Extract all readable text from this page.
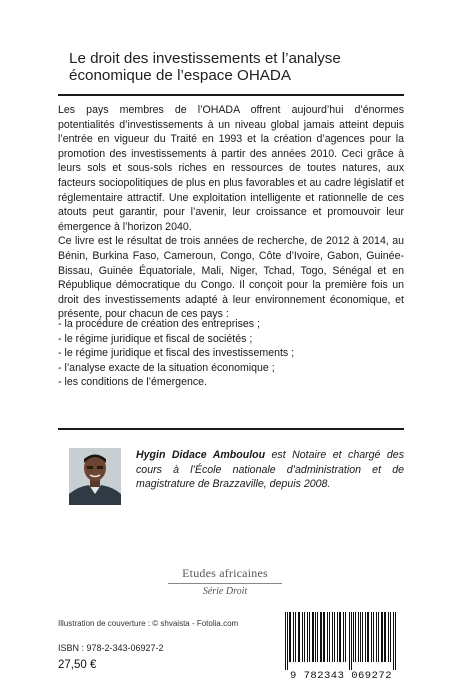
Le droit des investissements et l’analyse
économique de l’espace OHADA

Les pays membres de l’OHADA offrent aujourd’hui d’énormes potentialités d’investissements à un niveau global jamais atteint depuis l’entrée en vigueur du Traité en 1993 et la création d’agences pour la promotion des investissements à partir des années 2010. Ceci grâce à leurs sols et sous-sols riches en ressources de toutes natures, aux facteurs sociopolitiques de plus en plus favorables et au cadre législatif et réglementaire attractif. Une exploitation intelligente et rationnelle de ces atouts peut garantir, pour l’avenir, leur croissance et promouvoir leur émergence à l’horizon 2040.

Ce livre est le résultat de trois années de recherche, de 2012 à 2014, au Bénin, Burkina Faso, Cameroun, Congo, Côte d’Ivoire, Gabon, Guinée-Bissau, Guinée Équatoriale, Mali, Niger, Tchad, Togo, Sénégal et en République démocratique du Congo. Il conçoit pour la première fois un droit des investissements adapté à leur environnement économique, et présente, pour chacun de ces pays :

- la procédure de création des entreprises ;
- le régime juridique et fiscal de sociétés ;
- le régime juridique et fiscal des investissements ;
- l’analyse exacte de la situation économique ;
- les conditions de l’émergence.
Hygin Didace Amboulou est Notaire et chargé des cours à l’École nationale d’administration et de magistrature de Brazzaville, depuis 2008.
Etudes africaines
Série Droit
Illustration de couverture : © shvaista - Fotolia.com
ISBN : 978-2-343-06927-2
27,50 €
9 782343 069272
